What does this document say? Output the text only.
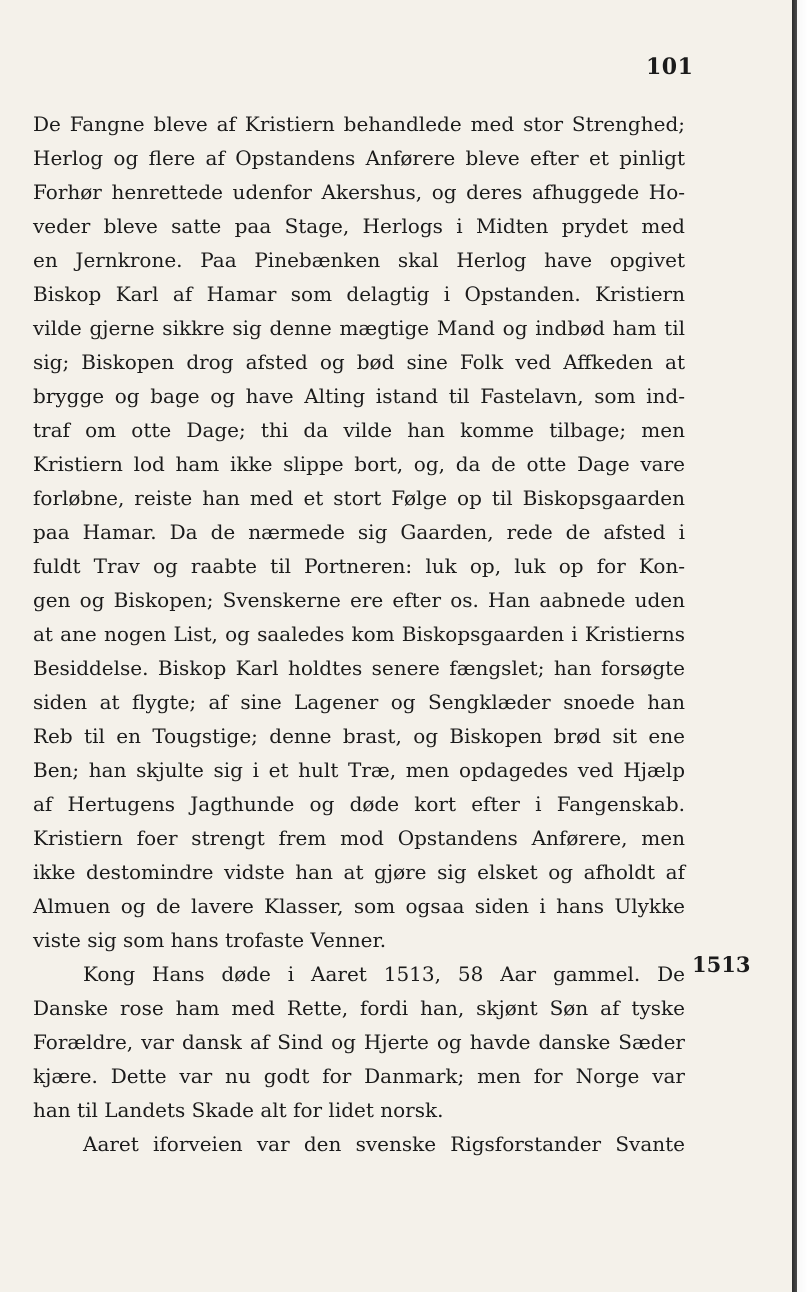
101
De Fangne bleve af Kristiern behandlede med stor Strenghed;
Herlog og flere af Opstandens Anførere bleve efter et pinligt
Forhør henrettede udenfor Akershus, og deres afhuggede Ho-
veder bleve satte paa Stage, Herlogs i Midten prydet med
en Jernkrone. Paa Pinebænken skal Herlog have opgivet
Biskop Karl af Hamar som delagtig i Opstanden. Kristiern
vilde gjerne sikkre sig denne mægtige Mand og indbød ham til
sig; Biskopen drog afsted og bød sine Folk ved Affkeden at
brygge og bage og have Alting istand til Fastelavn, som ind-
traf om otte Dage; thi da vilde han komme tilbage; men
Kristiern lod ham ikke slippe bort, og, da de otte Dage vare
forløbne, reiste han med et stort Følge op til Biskopsgaarden
paa Hamar. Da de nærmede sig Gaarden, rede de afsted i
fuldt Trav og raabte til Portneren: luk op, luk op for Kon-
gen og Biskopen; Svenskerne ere efter os. Han aabnede uden
at ane nogen List, og saaledes kom Biskopsgaarden i Kristierns
Besiddelse. Biskop Karl holdtes senere fængslet; han forsøgte
siden at flygte; af sine Lagener og Sengklæder snoede han
Reb til en Tougstige; denne brast, og Biskopen brød sit ene
Ben; han skjulte sig i et hult Træ, men opdagedes ved Hjælp
af Hertugens Jagthunde og døde kort efter i Fangenskab.
Kristiern foer strengt frem mod Opstandens Anførere, men
ikke destomindre vidste han at gjøre sig elsket og afholdt af
Almuen og de lavere Klasser, som ogsaa siden i hans Ulykke
viste sig som hans trofaste Venner.
Kong Hans døde i Aaret 1513, 58 Aar gammel. De
Danske rose ham med Rette, fordi han, skjønt Søn af tyske
Forældre, var dansk af Sind og Hjerte og havde danske Sæder
kjære. Dette var nu godt for Danmark; men for Norge var
han til Landets Skade alt for lidet norsk.
Aaret iforveien var den svenske Rigsforstander Svante
1513
